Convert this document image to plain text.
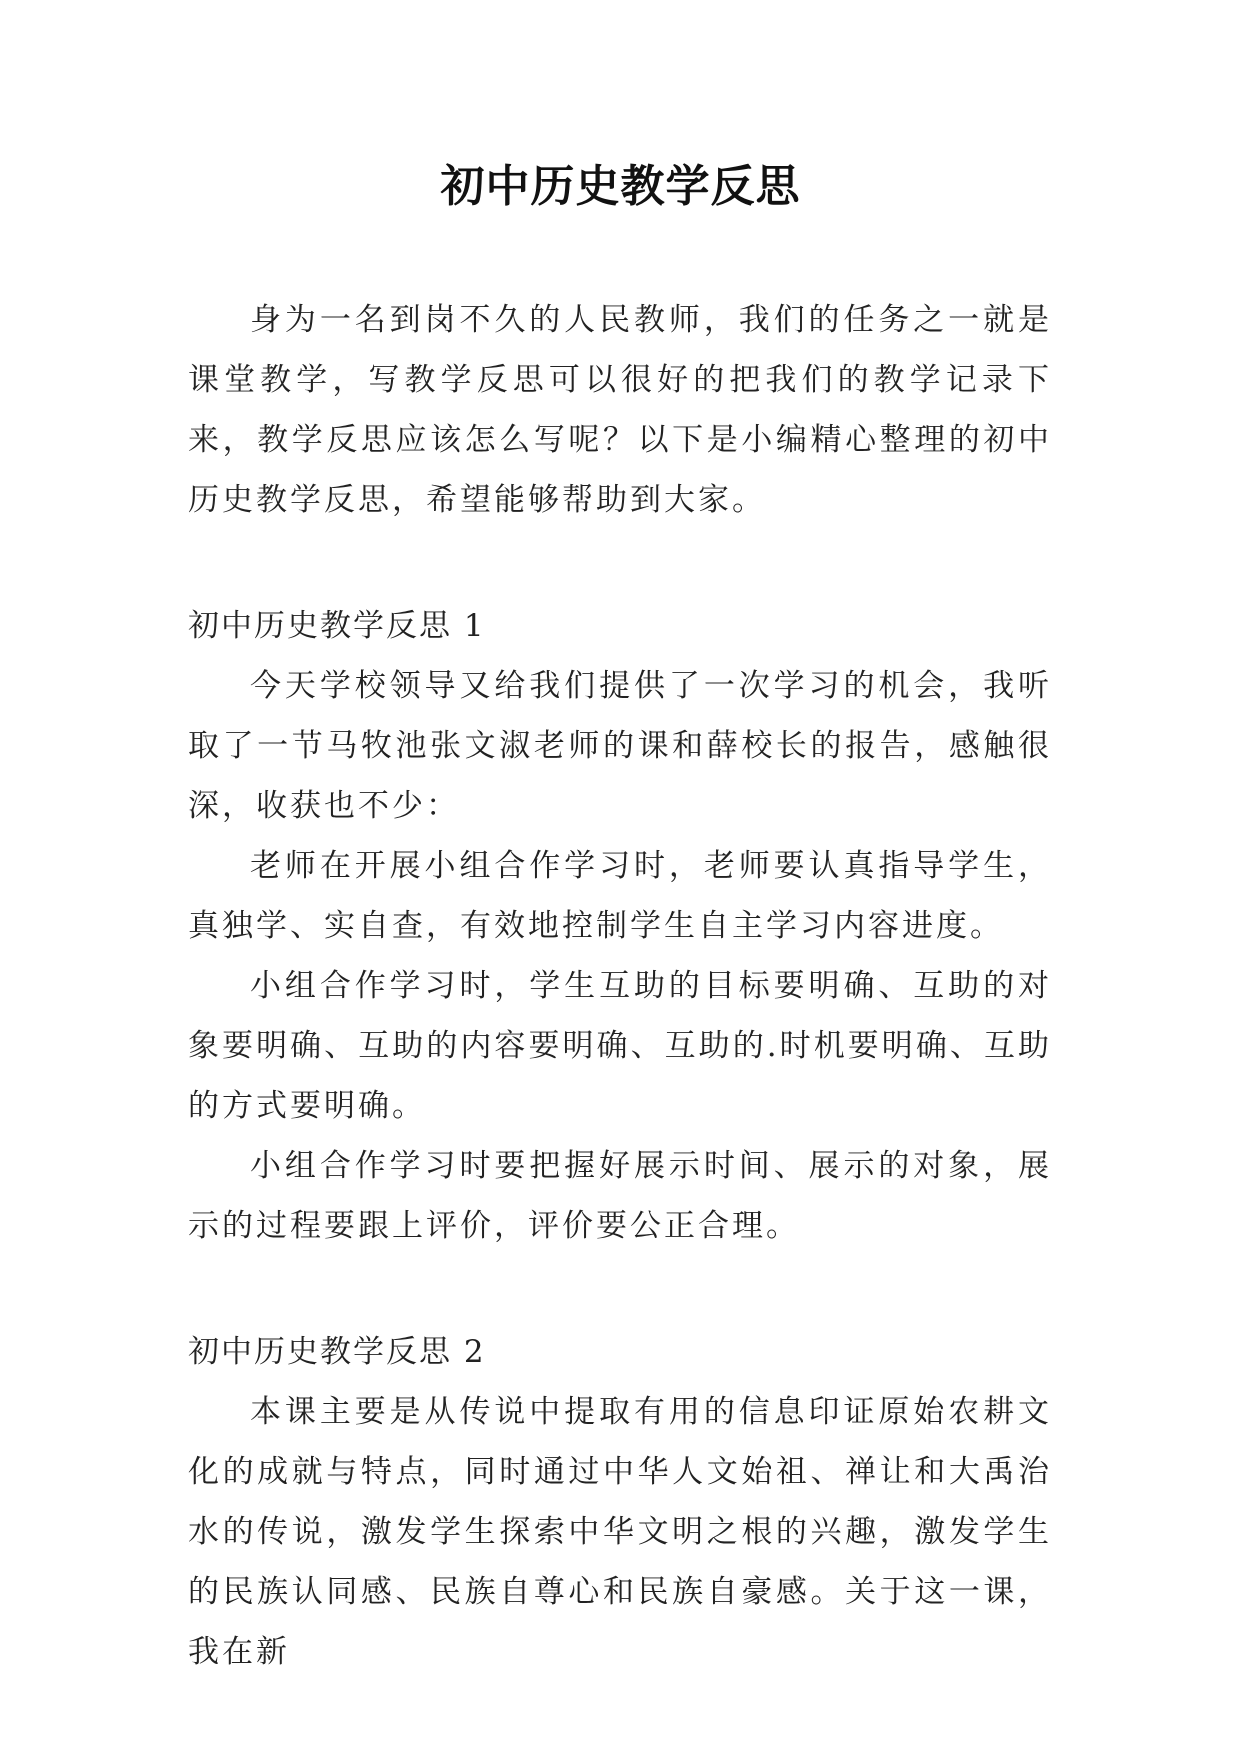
初中历史教学反思

身为一名到岗不久的人民教师，我们的任务之一就是课堂教学，写教学反思可以很好的把我们的教学记录下来，教学反思应该怎么写呢？以下是小编精心整理的初中历史教学反思，希望能够帮助到大家。

初中历史教学反思 1

今天学校领导又给我们提供了一次学习的机会，我听取了一节马牧池张文淑老师的课和薛校长的报告，感触很深，收获也不少：

老师在开展小组合作学习时，老师要认真指导学生，真独学、实自查，有效地控制学生自主学习内容进度。

小组合作学习时，学生互助的目标要明确、互助的对象要明确、互助的内容要明确、互助的.时机要明确、互助的方式要明确。

小组合作学习时要把握好展示时间、展示的对象，展示的过程要跟上评价，评价要公正合理。

初中历史教学反思 2

本课主要是从传说中提取有用的信息印证原始农耕文化的成就与特点，同时通过中华人文始祖、禅让和大禹治水的传说，激发学生探索中华文明之根的兴趣，激发学生的民族认同感、民族自尊心和民族自豪感。关于这一课，我在新
